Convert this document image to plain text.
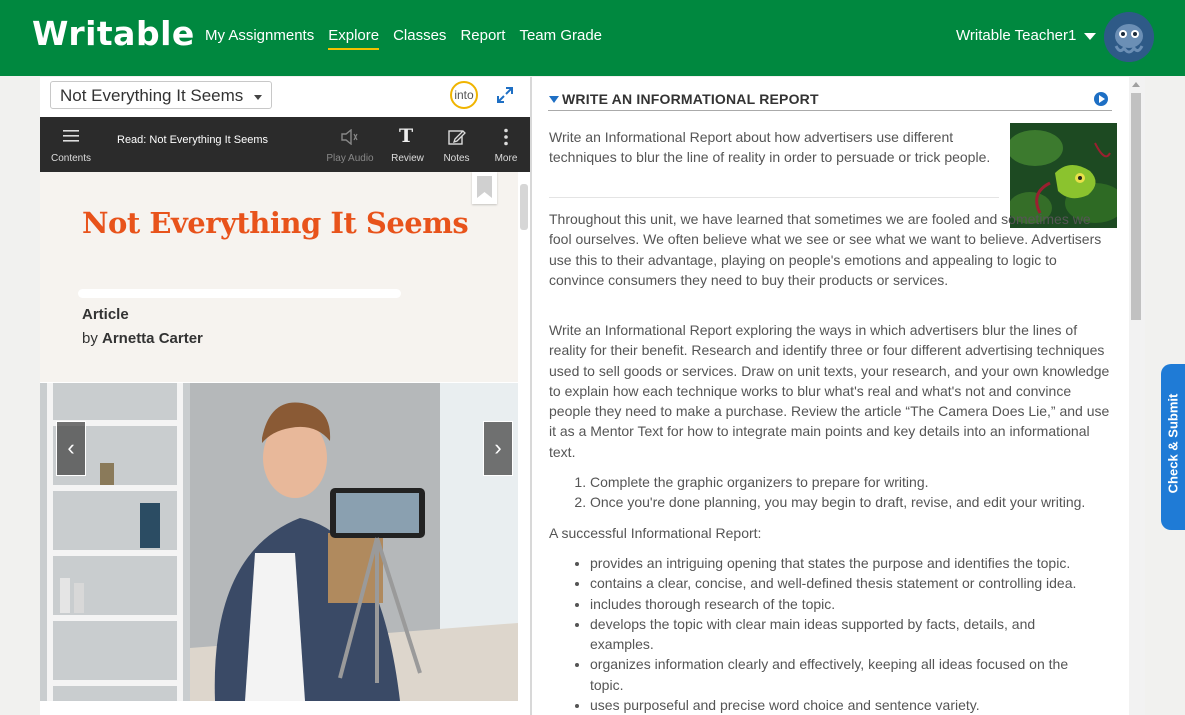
Writable My Assignments Explore Classes Report Team Grade	Writable Teacher1
Not Everything It Seems	into
Contents
Read: Not Everything It Seems
Play Audio
T
Review	Notes	More
Not Everything It Seems
Article
by Arnetta Carter
‹	›
WRITE AN INFORMATIONAL REPORT
Write an Informational Report about how advertisers use different techniques to blur the line of reality in order to persuade or trick people.
Throughout this unit, we have learned that sometimes we are fooled and sometimes we fool ourselves. We often believe what we see or see what we want to believe. Advertisers use this to their advantage, playing on people's emotions and appealing to logic to convince consumers they need to buy their products or services.
Write an Informational Report exploring the ways in which advertisers blur the lines of reality for their benefit. Research and identify three or four different advertising techniques used to sell goods or services. Draw on unit texts, your research, and your own knowledge to explain how each technique works to blur what's real and what's not and convince people they need to make a purchase. Review the article “The Camera Does Lie,” and use it as a Mentor Text for how to integrate main points and key details into an informational text.
1. Complete the graphic organizers to prepare for writing.
2. Once you're done planning, you may begin to draft, revise, and edit your writing.
A successful Informational Report:
• provides an intriguing opening that states the purpose and identifies the topic.
• contains a clear, concise, and well-defined thesis statement or controlling idea.
• includes thorough research of the topic.
• develops the topic with clear main ideas supported by facts, details, and examples.
• organizes information clearly and effectively, keeping all ideas focused on the topic.
• uses purposeful and precise word choice and sentence variety.
Check & Submit
